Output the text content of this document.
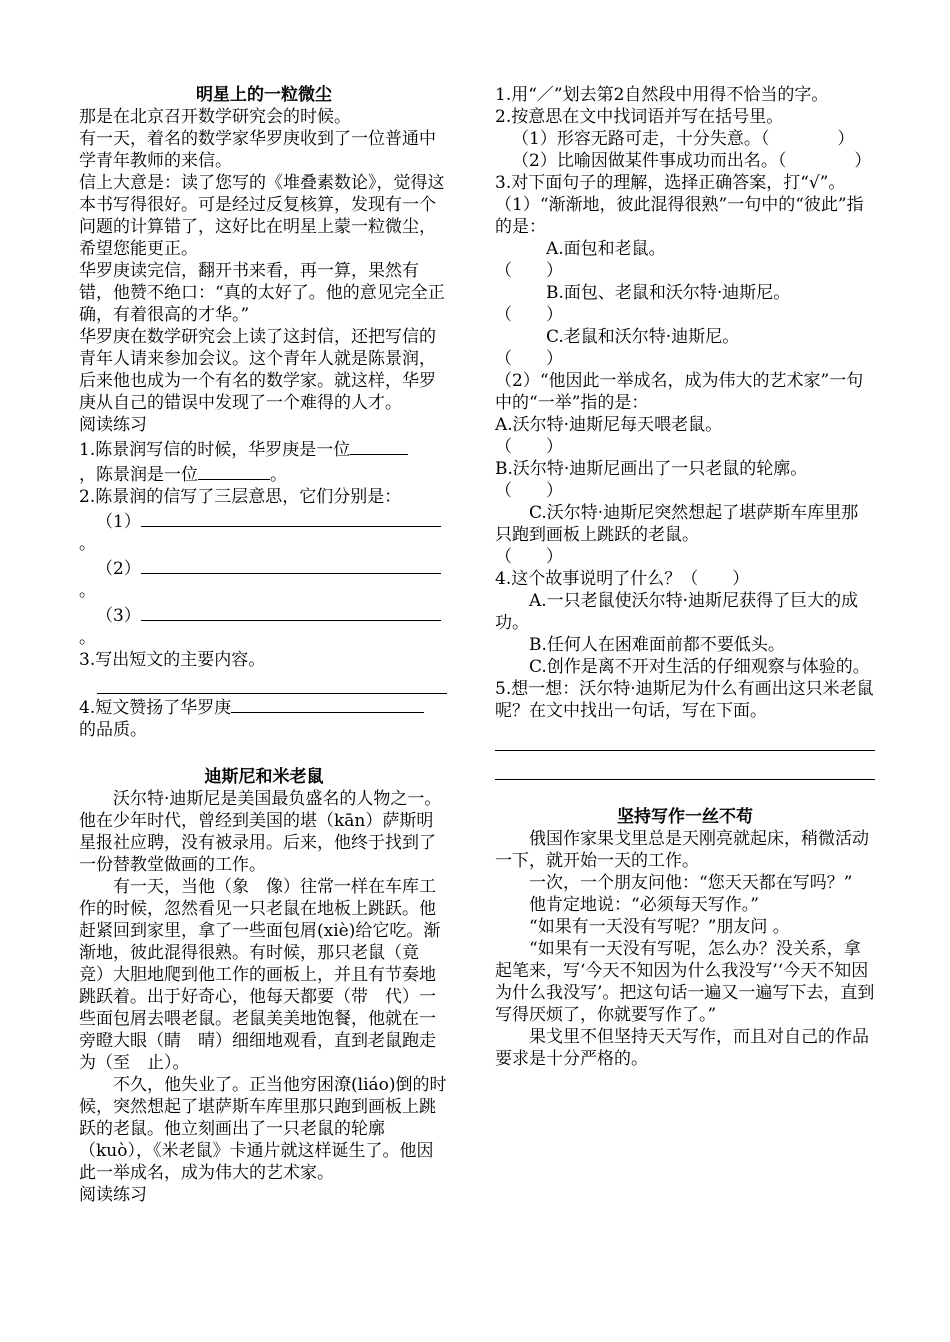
明星上的一粒微尘

那是在北京召开数学研究会的时候。

有一天，着名的数学家华罗庚收到了一位普通中学青年教师的来信。

信上大意是：读了您写的《堆叠素数论》，觉得这本书写得很好。可是经过反复核算，发现有一个问题的计算错了，这好比在明星上蒙一粒微尘，希望您能更正。

华罗庚读完信，翻开书来看，再一算，果然有错，他赞不绝口：“真的太好了。他的意见完全正确，有着很高的才华。”

华罗庚在数学研究会上读了这封信，还把写信的青年人请来参加会议。这个青年人就是陈景润，后来他也成为一个有名的数学家。就这样，华罗庚从自己的错误中发现了一个难得的人才。

阅读练习

1.陈景润写信的时候，华罗庚是一位

，陈景润是一位	。

2.陈景润的信写了三层意思，它们分别是：

（1）

。

（2）

。

（3）

。

3.写出短文的主要内容。

4.短文赞扬了华罗庚

的品质。

迪斯尼和米老鼠

沃尔特·迪斯尼是美国最负盛名的人物之一。他在少年时代，曾经到美国的堪（kān）萨斯明星报社应聘，没有被录用。后来，他终于找到了一份替教堂做画的工作。

有一天，当他（象　像）往常一样在车库工作的时候，忽然看见一只老鼠在地板上跳跃。他赶紧回到家里，拿了一些面包屑(xiè)给它吃。渐渐地，彼此混得很熟。有时候，那只老鼠（竟　竞）大胆地爬到他工作的画板上，并且有节奏地跳跃着。出于好奇心，他每天都要（带　代）一些面包屑去喂老鼠。老鼠美美地饱餐，他就在一旁瞪大眼（睛　晴）细细地观看，直到老鼠跑走为（至　止）。

不久，他失业了。正当他穷困潦(liáo)倒的时候，突然想起了堪萨斯车库里那只跑到画板上跳跃的老鼠。他立刻画出了一只老鼠的轮廓（kuò），《米老鼠》卡通片就这样诞生了。他因此一举成名，成为伟大的艺术家。

阅读练习

1.用“／”划去第2自然段中用得不恰当的字。

2.按意思在文中找词语并写在括号里。

（1）形容无路可走，十分失意。（　　　　）

（2）比喻因做某件事成功而出名。（　　　　）

3.对下面句子的理解，选择正确答案，打“√”。

（1）“渐渐地，彼此混得很熟”一句中的“彼此”指的是：

A.面包和老鼠。

（　　）

B.面包、老鼠和沃尔特·迪斯尼。

（　　）

C.老鼠和沃尔特·迪斯尼。

（　　）

（2）“他因此一举成名，成为伟大的艺术家”一句中的“一举”指的是：

A.沃尔特·迪斯尼每天喂老鼠。

（　　）

B.沃尔特·迪斯尼画出了一只老鼠的轮廓。

（　　）

C.沃尔特·迪斯尼突然想起了堪萨斯车库里那只跑到画板上跳跃的老鼠。

（　　）

4.这个故事说明了什么？（　　）

A.一只老鼠使沃尔特·迪斯尼获得了巨大的成功。

B.任何人在困难面前都不要低头。

C.创作是离不开对生活的仔细观察与体验的。

5.想一想：沃尔特·迪斯尼为什么有画出这只米老鼠呢？在文中找出一句话，写在下面。

坚持写作一丝不苟

俄国作家果戈里总是天刚亮就起床，稍微活动一下，就开始一天的工作。

一次，一个朋友问他：“您天天都在写吗？”

他肯定地说：“必须每天写作。”

“如果有一天没有写呢？”朋友问 。

“如果有一天没有写呢，怎么办？没关系，拿起笔来，写‘今天不知因为什么我没写’‘今天不知因为什么我没写’。把这句话一遍又一遍写下去，直到写得厌烦了，你就要写作了。”

果戈里不但坚持天天写作，而且对自己的作品要求是十分严格的。
